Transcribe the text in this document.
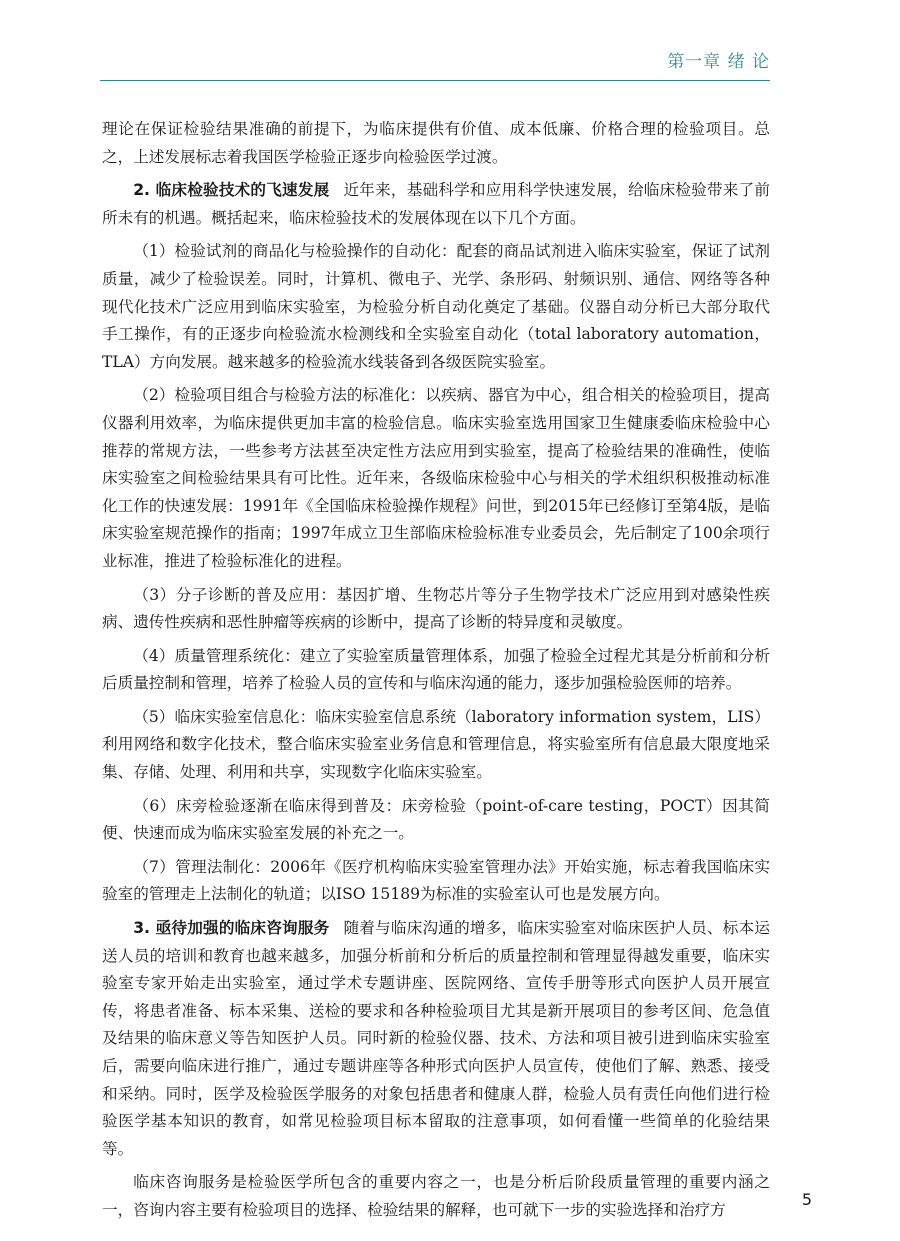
第一章 绪 论

理论在保证检验结果准确的前提下，为临床提供有价值、成本低廉、价格合理的检验项目。总之，上述发展标志着我国医学检验正逐步向检验医学过渡。

2. 临床检验技术的飞速发展 近年来，基础科学和应用科学快速发展，给临床检验带来了前所未有的机遇。概括起来，临床检验技术的发展体现在以下几个方面。

（1）检验试剂的商品化与检验操作的自动化：配套的商品试剂进入临床实验室，保证了试剂质量，减少了检验误差。同时，计算机、微电子、光学、条形码、射频识别、通信、网络等各种现代化技术广泛应用到临床实验室，为检验分析自动化奠定了基础。仪器自动分析已大部分取代手工操作，有的正逐步向检验流水检测线和全实验室自动化（total laboratory automation，TLA）方向发展。越来越多的检验流水线装备到各级医院实验室。

（2）检验项目组合与检验方法的标准化：以疾病、器官为中心，组合相关的检验项目，提高仪器利用效率，为临床提供更加丰富的检验信息。临床实验室选用国家卫生健康委临床检验中心推荐的常规方法，一些参考方法甚至决定性方法应用到实验室，提高了检验结果的准确性，使临床实验室之间检验结果具有可比性。近年来，各级临床检验中心与相关的学术组织积极推动标准化工作的快速发展：1991年《全国临床检验操作规程》问世，到2015年已经修订至第4版，是临床实验室规范操作的指南；1997年成立卫生部临床检验标准专业委员会，先后制定了100余项行业标准，推进了检验标准化的进程。

（3）分子诊断的普及应用：基因扩增、生物芯片等分子生物学技术广泛应用到对感染性疾病、遗传性疾病和恶性肿瘤等疾病的诊断中，提高了诊断的特异度和灵敏度。

（4）质量管理系统化：建立了实验室质量管理体系，加强了检验全过程尤其是分析前和分析后质量控制和管理，培养了检验人员的宣传和与临床沟通的能力，逐步加强检验医师的培养。

（5）临床实验室信息化：临床实验室信息系统（laboratory information system，LIS）利用网络和数字化技术，整合临床实验室业务信息和管理信息，将实验室所有信息最大限度地采集、存储、处理、利用和共享，实现数字化临床实验室。

（6）床旁检验逐渐在临床得到普及：床旁检验（point-of-care testing，POCT）因其简便、快速而成为临床实验室发展的补充之一。

（7）管理法制化：2006年《医疗机构临床实验室管理办法》开始实施，标志着我国临床实验室的管理走上法制化的轨道；以ISO 15189为标准的实验室认可也是发展方向。

3. 亟待加强的临床咨询服务 随着与临床沟通的增多，临床实验室对临床医护人员、标本运送人员的培训和教育也越来越多，加强分析前和分析后的质量控制和管理显得越发重要，临床实验室专家开始走出实验室，通过学术专题讲座、医院网络、宣传手册等形式向医护人员开展宣传，将患者准备、标本采集、送检的要求和各种检验项目尤其是新开展项目的参考区间、危急值及结果的临床意义等告知医护人员。同时新的检验仪器、技术、方法和项目被引进到临床实验室后，需要向临床进行推广，通过专题讲座等各种形式向医护人员宣传，使他们了解、熟悉、接受和采纳。同时，医学及检验医学服务的对象包括患者和健康人群，检验人员有责任向他们进行检验医学基本知识的教育，如常见检验项目标本留取的注意事项，如何看懂一些简单的化验结果等。

临床咨询服务是检验医学所包含的重要内容之一，也是分析后阶段质量管理的重要内涵之一，咨询内容主要有检验项目的选择、检验结果的解释，也可就下一步的实验选择和治疗方

5
